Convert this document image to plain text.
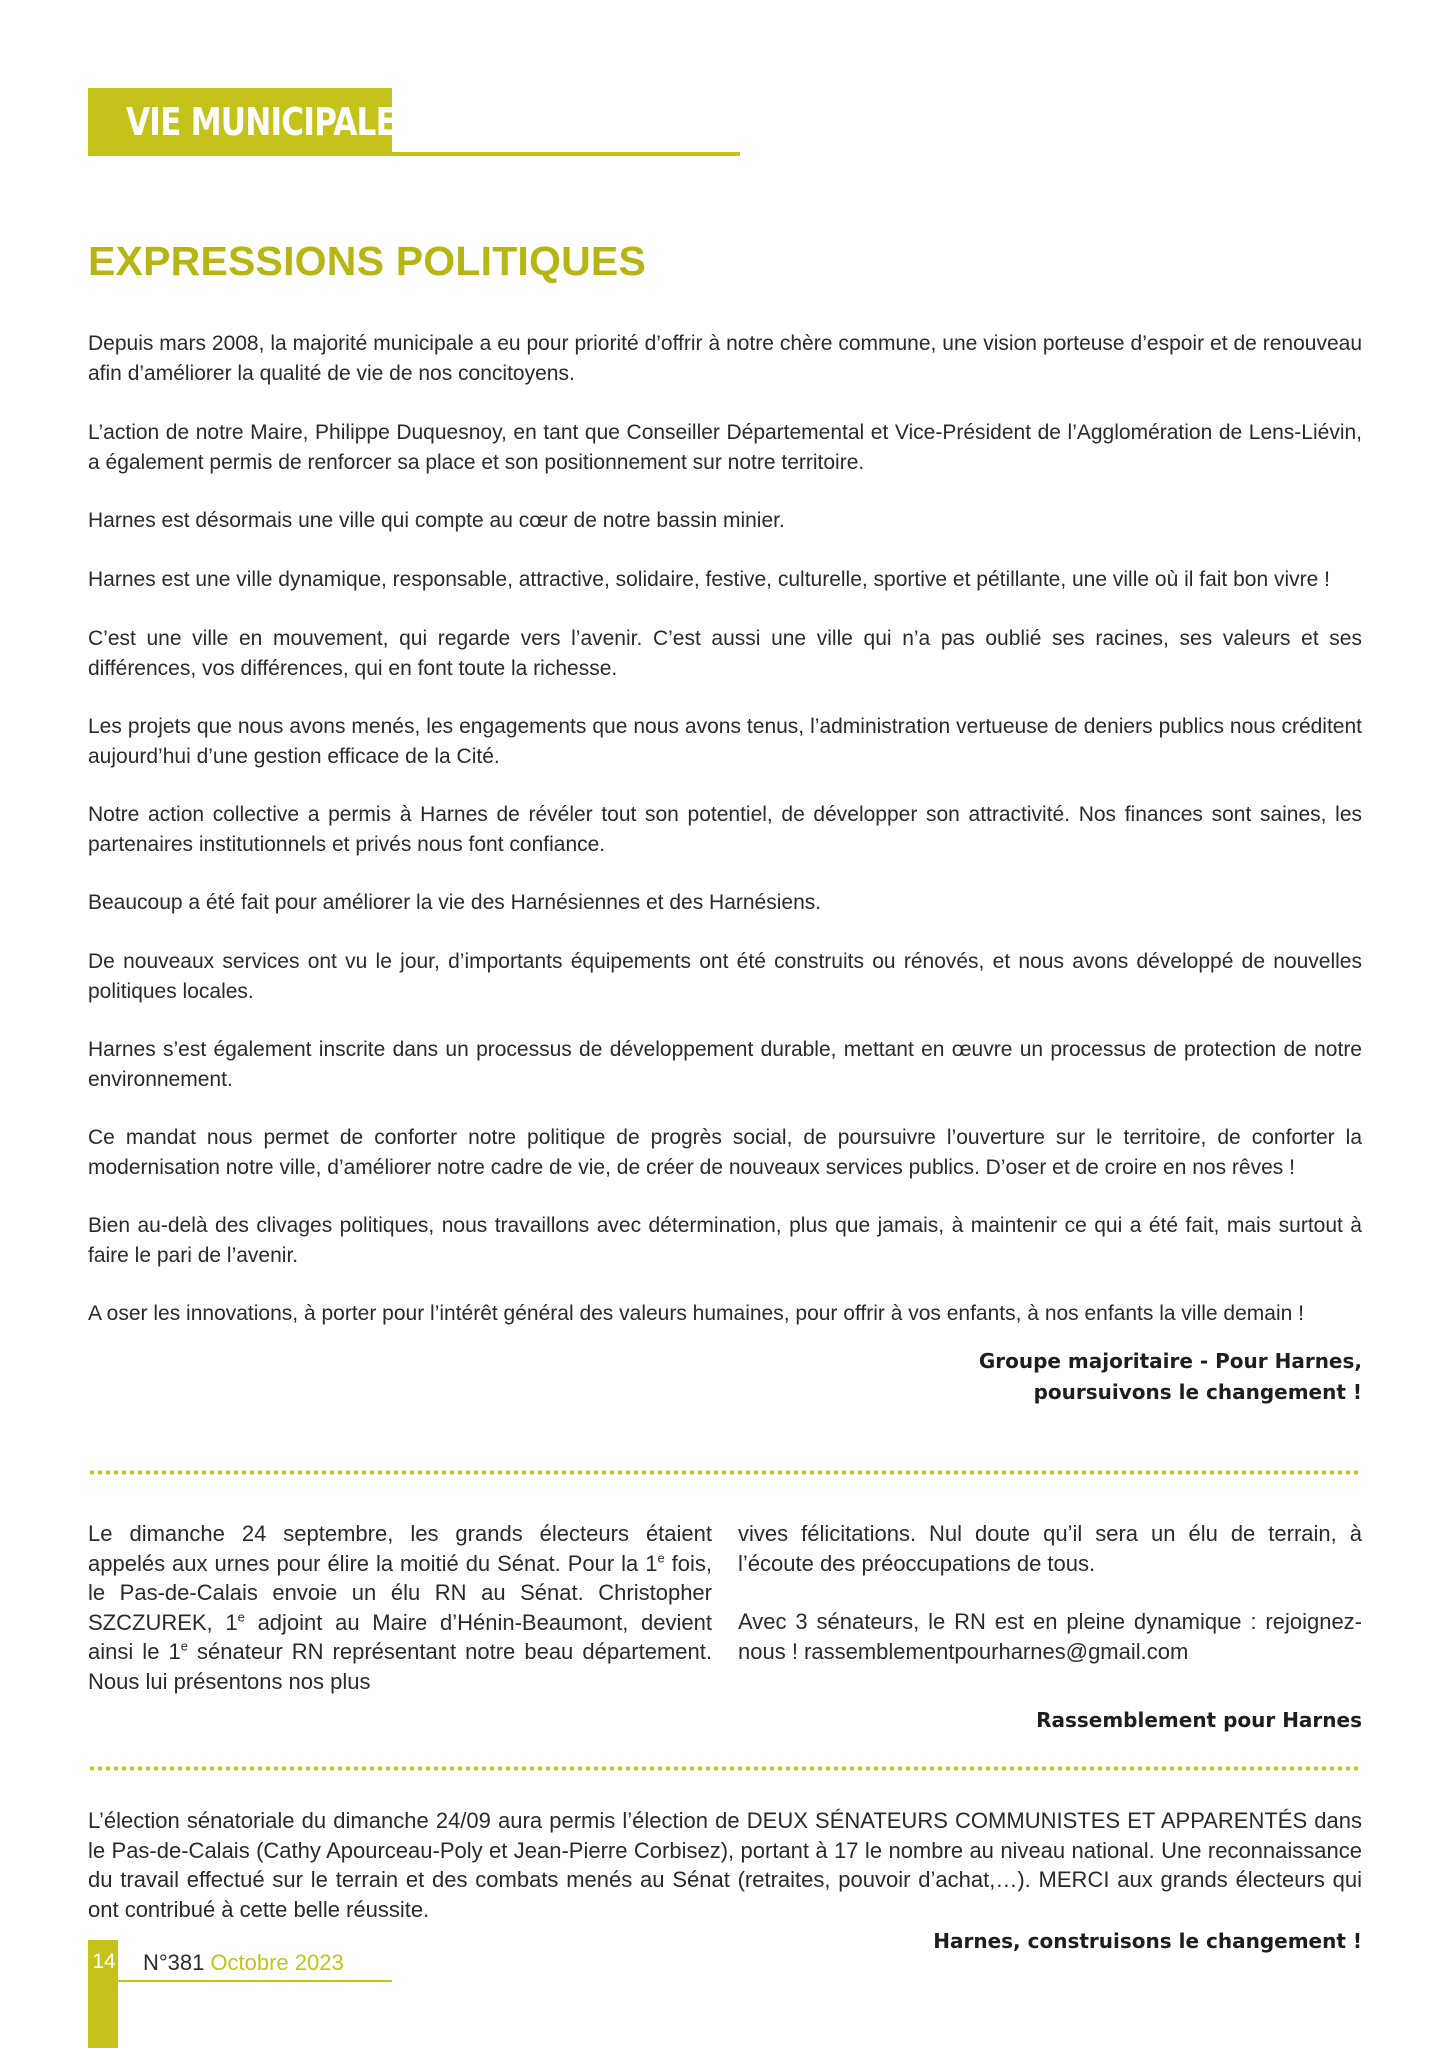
VIE MUNICIPALE
EXPRESSIONS POLITIQUES

Depuis mars 2008, la majorité municipale a eu pour priorité d’offrir à notre chère commune, une vision porteuse d’espoir et de renouveau afin d’améliorer la qualité de vie de nos concitoyens.

L’action de notre Maire, Philippe Duquesnoy, en tant que Conseiller Départemental et Vice-Président de l’Agglomération de Lens-Liévin, a également permis de renforcer sa place et son positionnement sur notre territoire.

Harnes est désormais une ville qui compte au cœur de notre bassin minier.

Harnes est une ville dynamique, responsable, attractive, solidaire, festive, culturelle, sportive et pétillante, une ville où il fait bon vivre !

C’est une ville en mouvement, qui regarde vers l’avenir. C’est aussi une ville qui n’a pas oublié ses racines, ses valeurs et ses différences, vos différences, qui en font toute la richesse.

Les projets que nous avons menés, les engagements que nous avons tenus, l’administration vertueuse de deniers publics nous créditent aujourd’hui d’une gestion efficace de la Cité.

Notre action collective a permis à Harnes de révéler tout son potentiel, de développer son attractivité. Nos finances sont saines, les partenaires institutionnels et privés nous font confiance.

Beaucoup a été fait pour améliorer la vie des Harnésiennes et des Harnésiens.

De nouveaux services ont vu le jour, d’importants équipements ont été construits ou rénovés, et nous avons développé de nouvelles politiques locales.

Harnes s’est également inscrite dans un processus de développement durable, mettant en œuvre un processus de protection de notre environnement.

Ce mandat nous permet de conforter notre politique de progrès social, de poursuivre l’ouverture sur le territoire, de conforter la modernisation notre ville, d’améliorer notre cadre de vie, de créer de nouveaux services publics. D’oser et de croire en nos rêves !

Bien au-delà des clivages politiques, nous travaillons avec détermination, plus que jamais, à maintenir ce qui a été fait, mais surtout à faire le pari de l’avenir.

A oser les innovations, à porter pour l’intérêt général des valeurs humaines, pour offrir à vos enfants, à nos enfants la ville demain !

Groupe majoritaire - Pour Harnes,
poursuivons le changement !

Le dimanche 24 septembre, les grands électeurs étaient appelés aux urnes pour élire la moitié du Sénat. Pour la 1e fois, le Pas-de-Calais envoie un élu RN au Sénat. Christopher SZCZUREK, 1e adjoint au Maire d’Hénin-Beaumont, devient ainsi le 1e sénateur RN représentant notre beau département. Nous lui présentons nos plus

vives félicitations. Nul doute qu’il sera un élu de terrain, à l’écoute des préoccupations de tous.

Avec 3 sénateurs, le RN est en pleine dynamique : rejoignez-nous ! rassemblementpourharnes@gmail.com

Rassemblement pour Harnes

L’élection sénatoriale du dimanche 24/09 aura permis l’élection de DEUX SÉNATEURS COMMUNISTES ET APPARENTÉS dans le Pas-de-Calais (Cathy Apourceau-Poly et Jean-Pierre Corbisez), portant à 17 le nombre au niveau national. Une reconnaissance du travail effectué sur le terrain et des combats menés au Sénat (retraites, pouvoir d’achat,…). MERCI aux grands électeurs qui ont contribué à cette belle réussite.

Harnes, construisons le changement !
14 N°381 Octobre 2023
